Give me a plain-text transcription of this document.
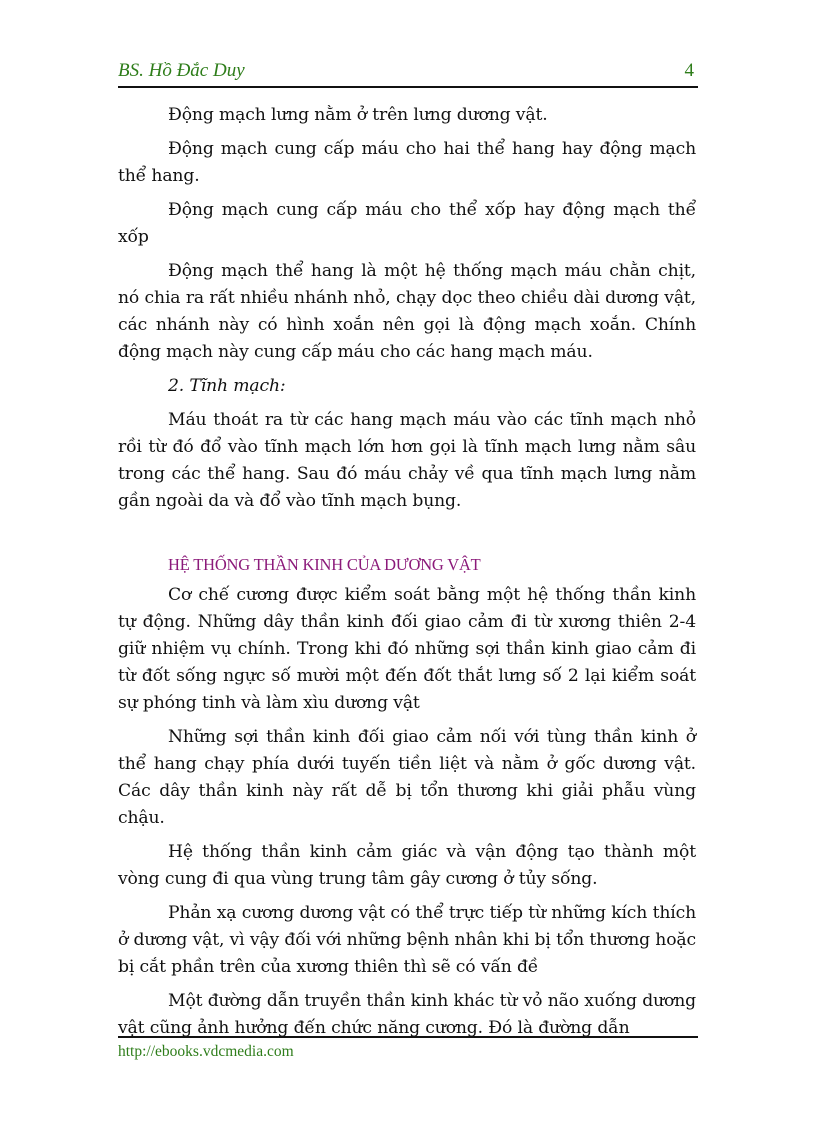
BS. Hồ Đắc Duy	4

Động mạch lưng nằm ở trên lưng dương vật.

Động mạch cung cấp máu cho hai thể hang hay động mạch thể hang.

Động mạch cung cấp máu cho thể xốp hay động mạch thể xốp

Động mạch thể hang là một hệ thống mạch máu chằn chịt, nó chia ra rất nhiều nhánh nhỏ, chạy dọc theo chiều dài dương vật, các nhánh này có hình xoắn nên gọi là động mạch xoắn. Chính động mạch này cung cấp máu cho các hang mạch máu.

2. Tĩnh mạch:

Máu thoát ra từ các hang mạch máu vào các tĩnh mạch nhỏ rồi từ đó đổ vào tĩnh mạch lớn hơn gọi là tĩnh mạch lưng nằm sâu trong các thể hang. Sau đó máu chảy về qua tĩnh mạch lưng nằm gần ngoài da và đổ vào tĩnh mạch bụng.

HỆ THỐNG THẦN KINH CỦA DƯƠNG VẬT

Cơ chế cương được kiểm soát bằng một hệ thống thần kinh tự động. Những dây thần kinh đối giao cảm đi từ xương thiên 2-4 giữ nhiệm vụ chính. Trong khi đó những sợi thần kinh giao cảm đi từ đốt sống ngực số mười một đến đốt thắt lưng số 2 lại kiểm soát sự phóng tinh và làm xìu dương vật

Những sợi thần kinh đối giao cảm nối với tùng thần kinh ở thể hang chạy phía dưới tuyến tiền liệt và nằm ở gốc dương vật. Các dây thần kinh này rất dễ bị tổn thương khi giải phẫu vùng chậu.

Hệ thống thần kinh cảm giác và vận động tạo thành một vòng cung đi qua vùng trung tâm gây cương ở tủy sống.

Phản xạ cương dương vật có thể trực tiếp từ những kích thích ở dương vật, vì vậy đối với những bệnh nhân khi bị tổn thương hoặc bị cắt phần trên của xương thiên thì sẽ có vấn đề

Một đường dẫn truyền thần kinh khác từ vỏ não xuống dương vật cũng ảnh hưởng đến chức năng cương. Đó là đường dẫn

http://ebooks.vdcmedia.com
